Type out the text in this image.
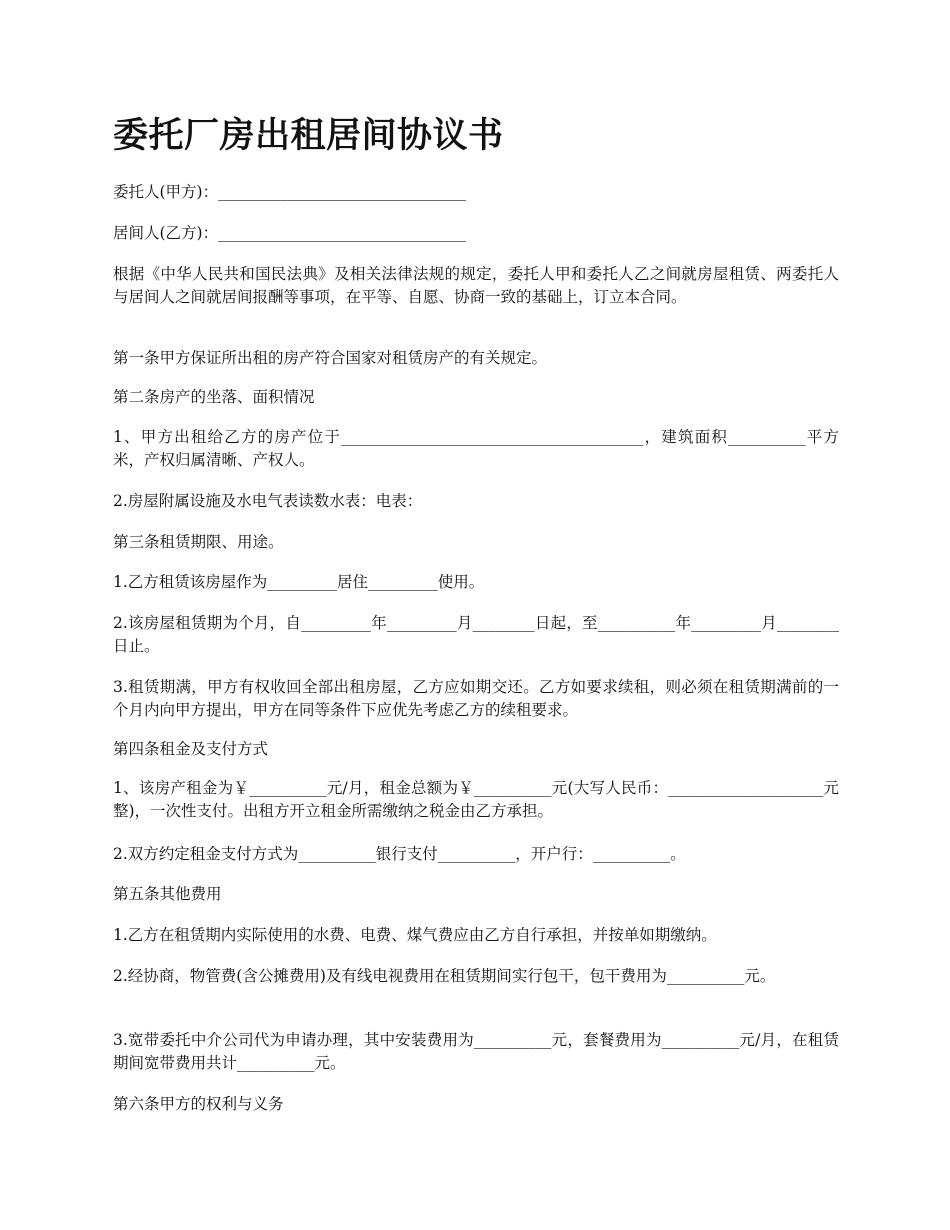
委托厂房出租居间协议书

委托人(甲方)：________________________________

居间人(乙方)：________________________________

根据《中华人民共和国民法典》及相关法律法规的规定，委托人甲和委托人乙之间就房屋租赁、两委托人与居间人之间就居间报酬等事项，在平等、自愿、协商一致的基础上，订立本合同。

第一条甲方保证所出租的房产符合国家对租赁房产的有关规定。

第二条房产的坐落、面积情况

1、甲方出租给乙方的房产位于_______________________________________，建筑面积__________平方米，产权归属清晰、产权人。

2.房屋附属设施及水电气表读数水表：电表：

第三条租赁期限、用途。

1.乙方租赁该房屋作为_________居住_________使用。

2.该房屋租赁期为个月，自_________年_________月________日起，至__________年_________月________日止。

3.租赁期满，甲方有权收回全部出租房屋，乙方应如期交还。乙方如要求续租，则必须在租赁期满前的一个月内向甲方提出，甲方在同等条件下应优先考虑乙方的续租要求。

第四条租金及支付方式

1、该房产租金为￥__________元/月，租金总额为￥__________元(大写人民币：____________________元整)，一次性支付。出租方开立租金所需缴纳之税金由乙方承担。

2.双方约定租金支付方式为__________银行支付__________，开户行：__________。

第五条其他费用

1.乙方在租赁期内实际使用的水费、电费、煤气费应由乙方自行承担，并按单如期缴纳。

2.经协商，物管费(含公摊费用)及有线电视费用在租赁期间实行包干，包干费用为__________元。

3.宽带委托中介公司代为申请办理，其中安装费用为__________元，套餐费用为__________元/月，在租赁期间宽带费用共计__________元。

第六条甲方的权利与义务
